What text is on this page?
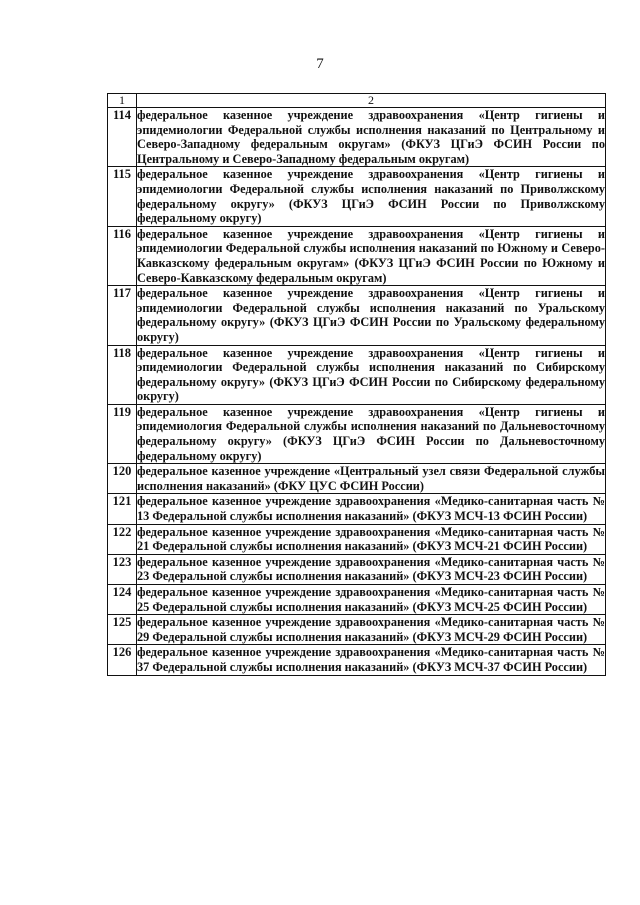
7
1	2
114	федеральное казенное учреждение здравоохранения «Центр гигиены и эпидемиологии Федеральной службы исполнения наказаний по Центральному и Северо-Западному федеральным округам» (ФКУЗ ЦГиЭ ФСИН России по Центральному и Северо-Западному федеральным округам)
115	федеральное казенное учреждение здравоохранения «Центр гигиены и эпидемиологии Федеральной службы исполнения наказаний по Приволжскому федеральному округу» (ФКУЗ ЦГиЭ ФСИН России по Приволжскому федеральному округу)
116	федеральное казенное учреждение здравоохранения «Центр гигиены и эпидемиологии Федеральной службы исполнения наказаний по Южному и Северо-Кавказскому федеральным округам» (ФКУЗ ЦГиЭ ФСИН России по Южному и Северо-Кавказскому федеральным округам)
117	федеральное казенное учреждение здравоохранения «Центр гигиены и эпидемиологии Федеральной службы исполнения наказаний по Уральскому федеральному округу» (ФКУЗ ЦГиЭ ФСИН России по Уральскому федеральному округу)
118	федеральное казенное учреждение здравоохранения «Центр гигиены и эпидемиологии Федеральной службы исполнения наказаний по Сибирскому федеральному округу» (ФКУЗ ЦГиЭ ФСИН России по Сибирскому федеральному округу)
119	федеральное казенное учреждение здравоохранения «Центр гигиены и эпидемиология Федеральной службы исполнения наказаний по Дальневосточному федеральному округу» (ФКУЗ ЦГиЭ ФСИН России по Дальневосточному федеральному округу)
120	федеральное казенное учреждение «Центральный узел связи Федеральной службы исполнения наказаний» (ФКУ ЦУС ФСИН России)
121	федеральное казенное учреждение здравоохранения «Медико-санитарная часть № 13 Федеральной службы исполнения наказаний» (ФКУЗ МСЧ-13 ФСИН России)
122	федеральное казенное учреждение здравоохранения «Медико-санитарная часть № 21 Федеральной службы исполнения наказаний» (ФКУЗ МСЧ-21 ФСИН России)
123	федеральное казенное учреждение здравоохранения «Медико-санитарная часть № 23 Федеральной службы исполнения наказаний» (ФКУЗ МСЧ-23 ФСИН России)
124	федеральное казенное учреждение здравоохранения «Медико-санитарная часть № 25 Федеральной службы исполнения наказаний» (ФКУЗ МСЧ-25 ФСИН России)
125	федеральное казенное учреждение здравоохранения «Медико-санитарная часть № 29 Федеральной службы исполнения наказаний» (ФКУЗ МСЧ-29 ФСИН России)
126	федеральное казенное учреждение здравоохранения «Медико-санитарная часть № 37 Федеральной службы исполнения наказаний» (ФКУЗ МСЧ-37 ФСИН России)
